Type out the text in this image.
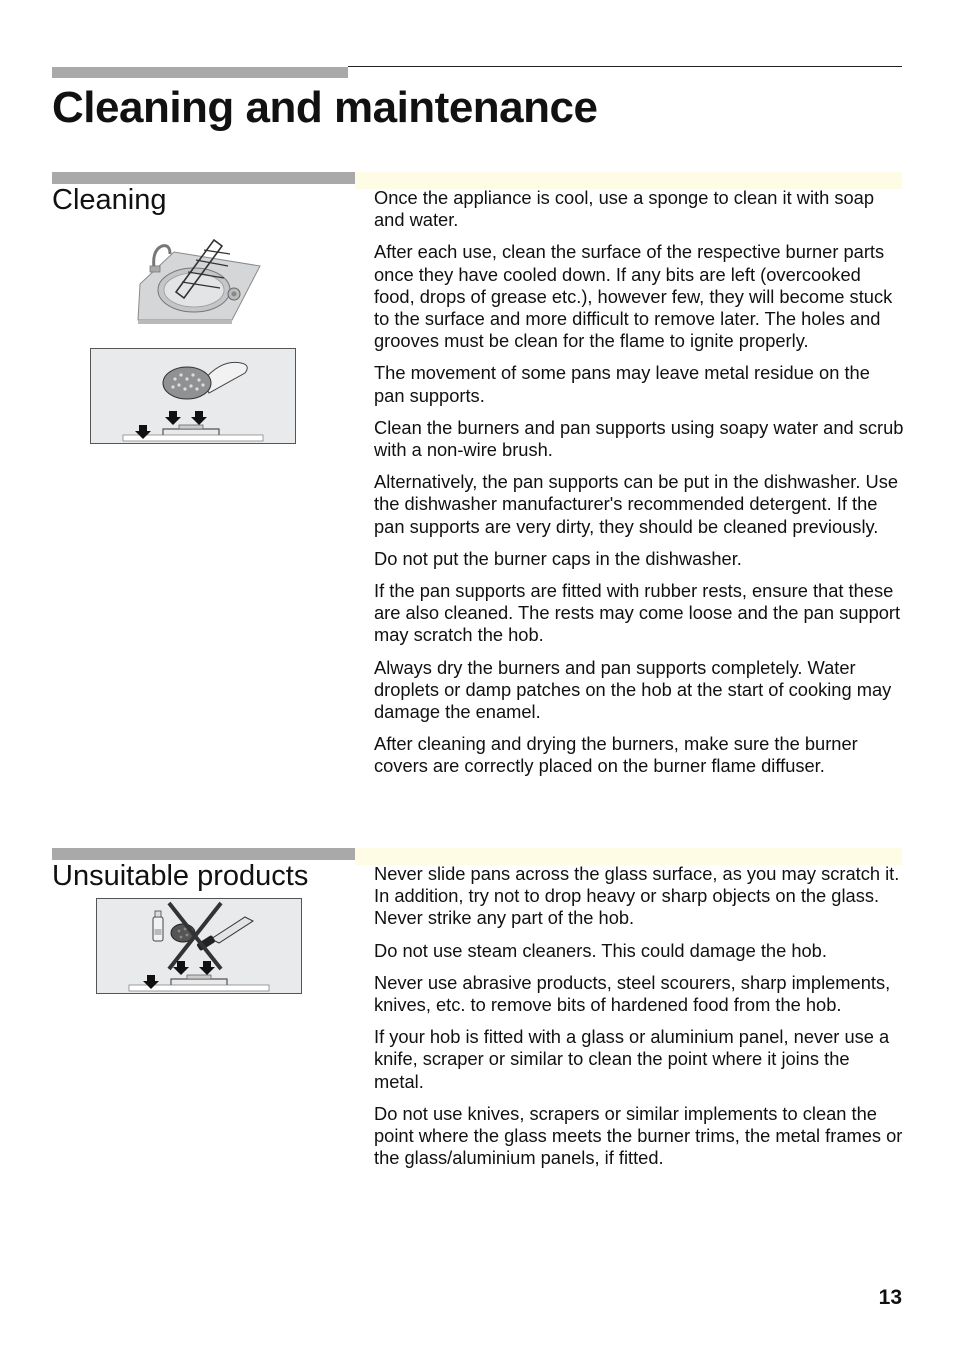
Cleaning and maintenance
Cleaning	Once the appliance is cool, use a sponge to clean it with soap and water.

After each use, clean the surface of the respective burner parts once they have cooled down. If any bits are left (overcooked food, drops of grease etc.), however few, they will become stuck to the surface and more difficult to remove later. The holes and grooves must be clean for the flame to ignite properly.

The movement of some pans may leave metal residue on the pan supports.

Clean the burners and pan supports using soapy water and scrub with a non-wire brush.

Alternatively, the pan supports can be put in the dishwasher. Use the dishwasher manufacturer's recommended detergent. If the pan supports are very dirty, they should be cleaned previously.

Do not put the burner caps in the dishwasher.

If the pan supports are fitted with rubber rests, ensure that these are also cleaned. The rests may come loose and the pan support may scratch the hob.

Always dry the burners and pan supports completely. Water droplets or damp patches on the hob at the start of cooking may damage the enamel.

After cleaning and drying the burners, make sure the burner covers are correctly placed on the burner flame diffuser.

Unsuitable products	Never slide pans across the glass surface, as you may scratch it. In addition, try not to drop heavy or sharp objects on the glass. Never strike any part of the hob.

Do not use steam cleaners. This could damage the hob.

Never use abrasive products, steel scourers, sharp implements, knives, etc. to remove bits of hardened food from the hob.

If your hob is fitted with a glass or aluminium panel, never use a knife, scraper or similar to clean the point where it joins the metal.

Do not use knives, scrapers or similar implements to clean the point where the glass meets the burner trims, the metal frames or the glass/aluminium panels, if fitted.

13
